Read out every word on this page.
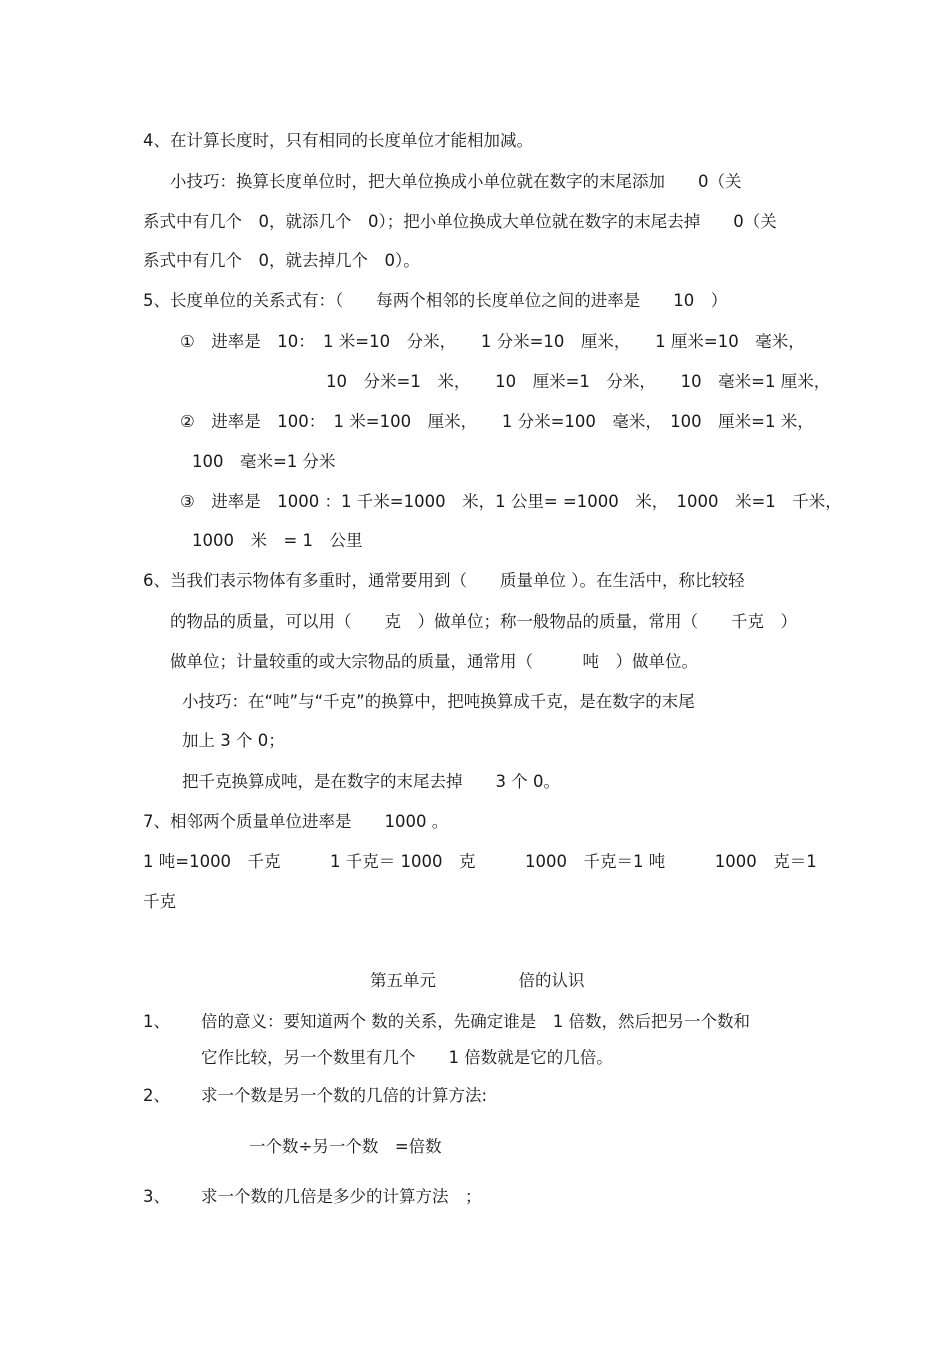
4、在计算长度时，只有相同的长度单位才能相加减。
小技巧：换算长度单位时，把大单位换成小单位就在数字的末尾添加　　0（关
系式中有几个　0，就添几个　0）；把小单位换成大单位就在数字的末尾去掉　　0（关
系式中有几个　0，就去掉几个　0）。
5、长度单位的关系式有：（　　每两个相邻的长度单位之间的进率是　　10　）
①　进率是　10：　1 米=10　分米，　　1 分米=10　厘米，　　1 厘米=10　毫米，
10　分米=1　米，　　10　厘米=1　分米，　　10　毫米=1 厘米，
②　进率是　100：　1 米=100　厘米，　　1 分米=100　毫米，　100　厘米=1 米，
100　毫米=1 分米
③　进率是　1000 ：1 千米=1000　米，1 公里= =1000　米，　1000　米=1　千米，
1000　米　= 1　公里
6、当我们表示物体有多重时，通常要用到（　　质量单位 ）。在生活中，称比较轻
的物品的质量，可以用（　　克　）做单位；称一般物品的质量，常用（　　千克　）
做单位；计量较重的或大宗物品的质量，通常用（　　　吨　）做单位。
小技巧：在“吨”与“千克”的换算中，把吨换算成千克，是在数字的末尾
加上 3 个 0；
把千克换算成吨，是在数字的末尾去掉　　3 个 0。
7、相邻两个质量单位进率是　　1000 。
1 吨=1000　千克　　　1 千克＝ 1000　克　　　1000　千克＝1 吨　　　1000　克＝1
千克
第五单元　　　　　倍的认识
1、 倍的意义：要知道两个 数的关系，先确定谁是　1 倍数，然后把另一个数和
它作比较，另一个数里有几个　　1 倍数就是它的几倍。
2、 求一个数是另一个数的几倍的计算方法:
一个数÷另一个数　=倍数
3、 求一个数的几倍是多少的计算方法　；
